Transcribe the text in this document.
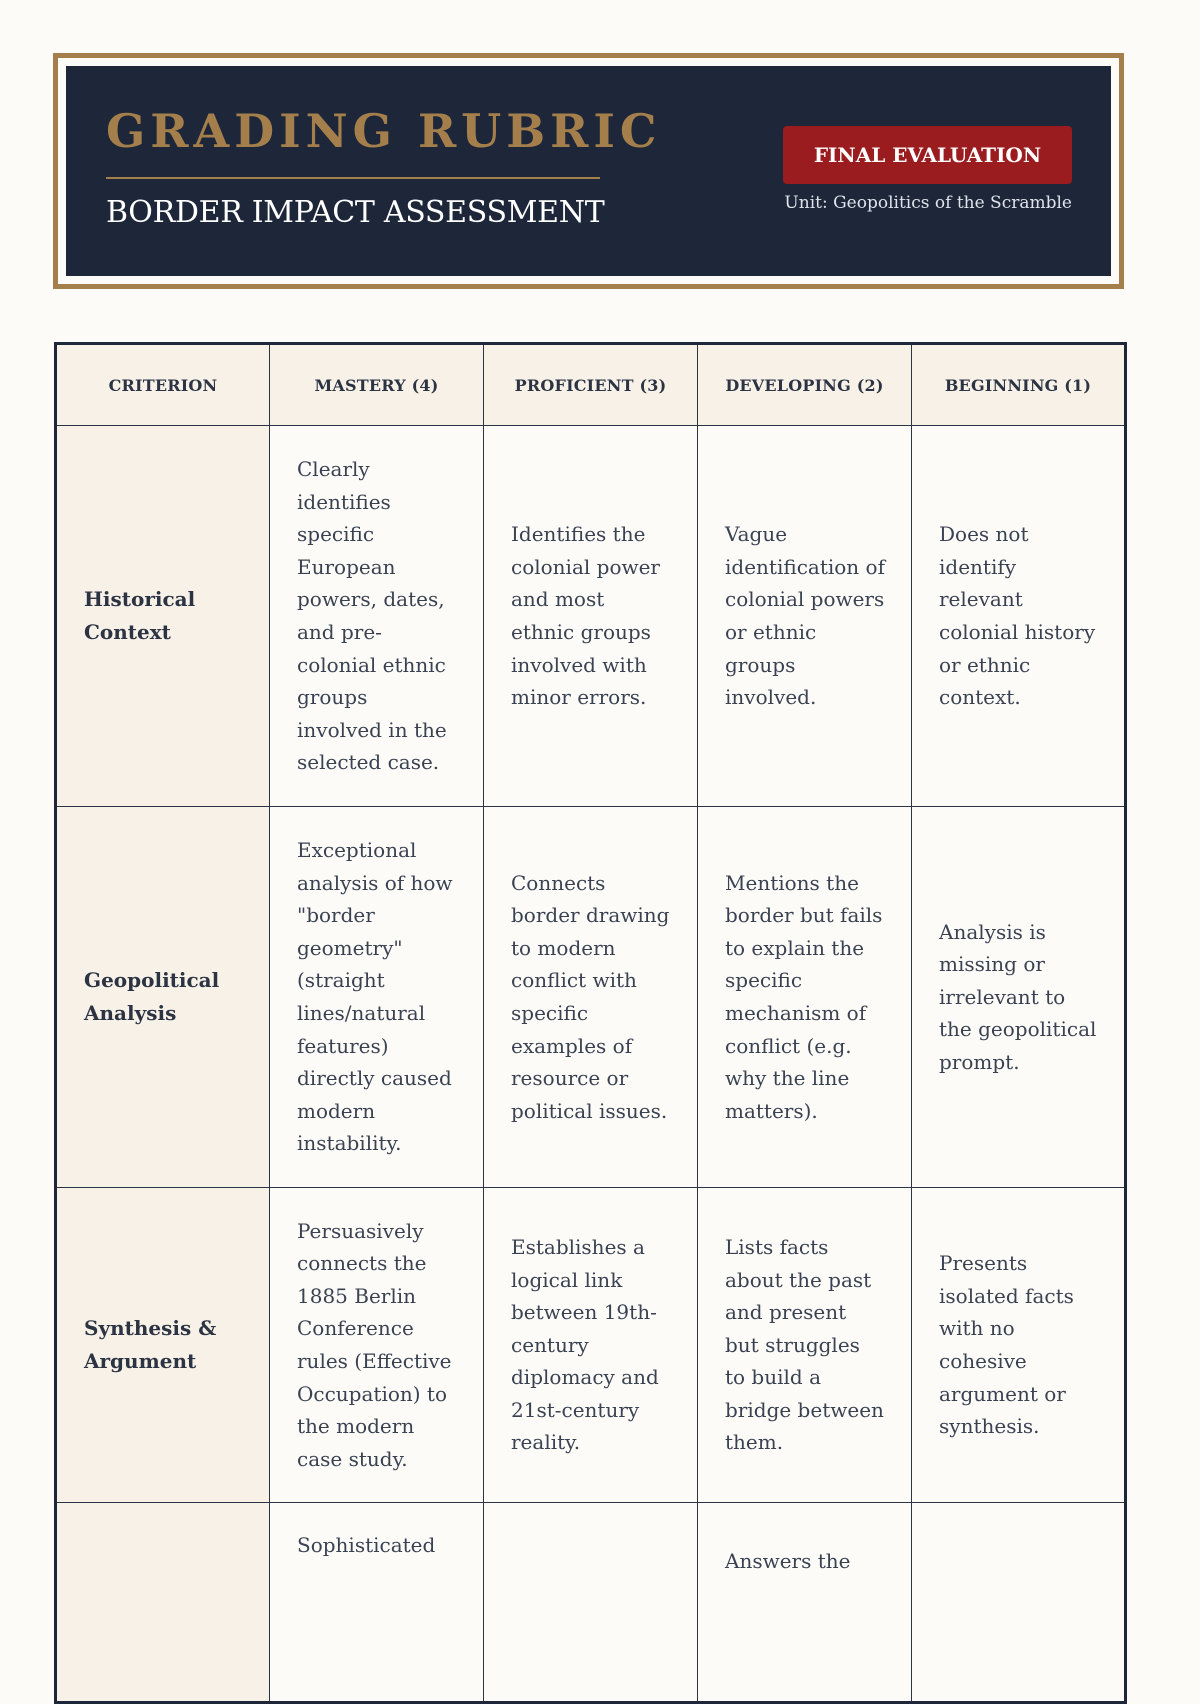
GRADING RUBRIC
BORDER IMPACT ASSESSMENT
FINAL EVALUATION
Unit: Geopolitics of the Scramble
CRITERION	MASTERY (4)	PROFICIENT (3)	DEVELOPING (2)	BEGINNING (1)
Historical Context	Clearly identifies specific European powers, dates, and pre-colonial ethnic groups involved in the selected case.	Identifies the colonial power and most ethnic groups involved with minor errors.	Vague identification of colonial powers or ethnic groups involved.	Does not identify relevant colonial history or ethnic context.
Geopolitical Analysis	Exceptional analysis of how "border geometry" (straight lines/natural features) directly caused modern instability.	Connects border drawing to modern conflict with specific examples of resource or political issues.	Mentions the border but fails to explain the specific mechanism of conflict (e.g. why the line matters).	Analysis is missing or irrelevant to the geopolitical prompt.
Synthesis & Argument	Persuasively connects the 1885 Berlin Conference rules (Effective Occupation) to the modern case study.	Establishes a logical link between 19th-century diplomacy and 21st-century reality.	Lists facts about the past and present but struggles to build a bridge between them.	Presents isolated facts with no cohesive argument or synthesis.
	Sophisticated		Answers the	
